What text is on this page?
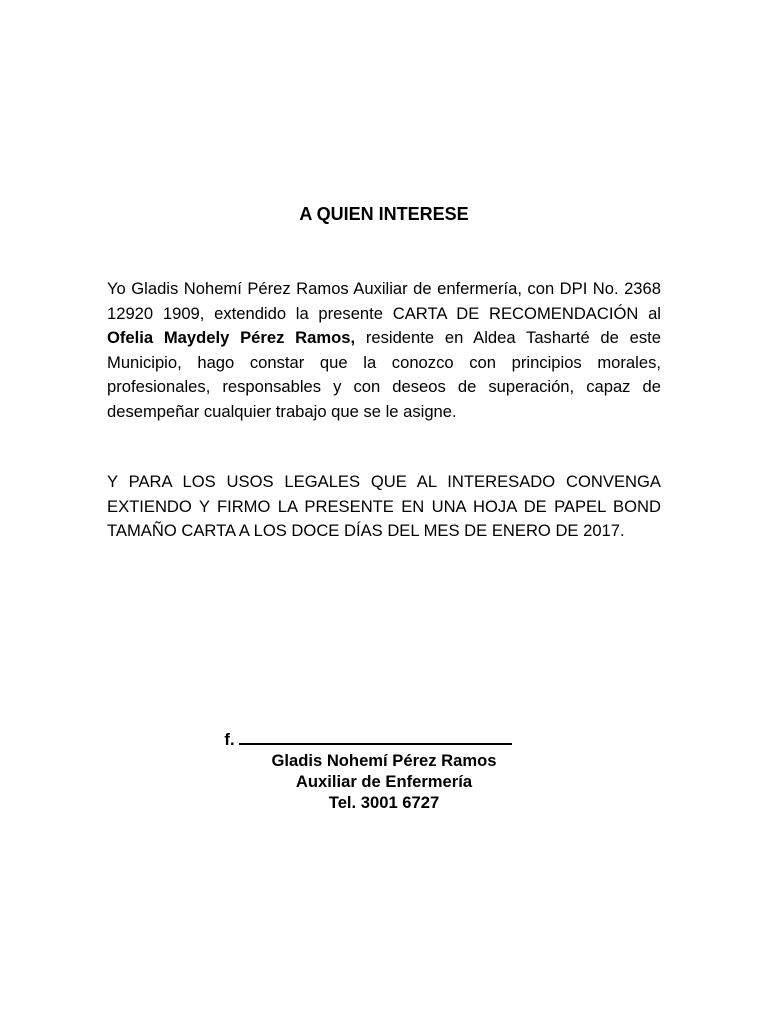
A QUIEN INTERESE
Yo Gladis Nohemí Pérez Ramos Auxiliar de enfermería, con DPI No. 2368 12920 1909, extendido la presente CARTA DE RECOMENDACIÓN al Ofelia Maydely Pérez Ramos, residente en Aldea Tasharté de este Municipio, hago constar que la conozco con principios morales, profesionales, responsables y con deseos de superación, capaz de desempeñar cualquier trabajo que se le asigne.
Y PARA LOS USOS LEGALES QUE AL INTERESADO CONVENGA EXTIENDO Y FIRMO LA PRESENTE EN UNA HOJA DE PAPEL BOND TAMAÑO CARTA A LOS DOCE DÍAS DEL MES DE ENERO DE 2017.
f.
Gladis Nohemí Pérez Ramos
Auxiliar de Enfermería
Tel. 3001 6727
